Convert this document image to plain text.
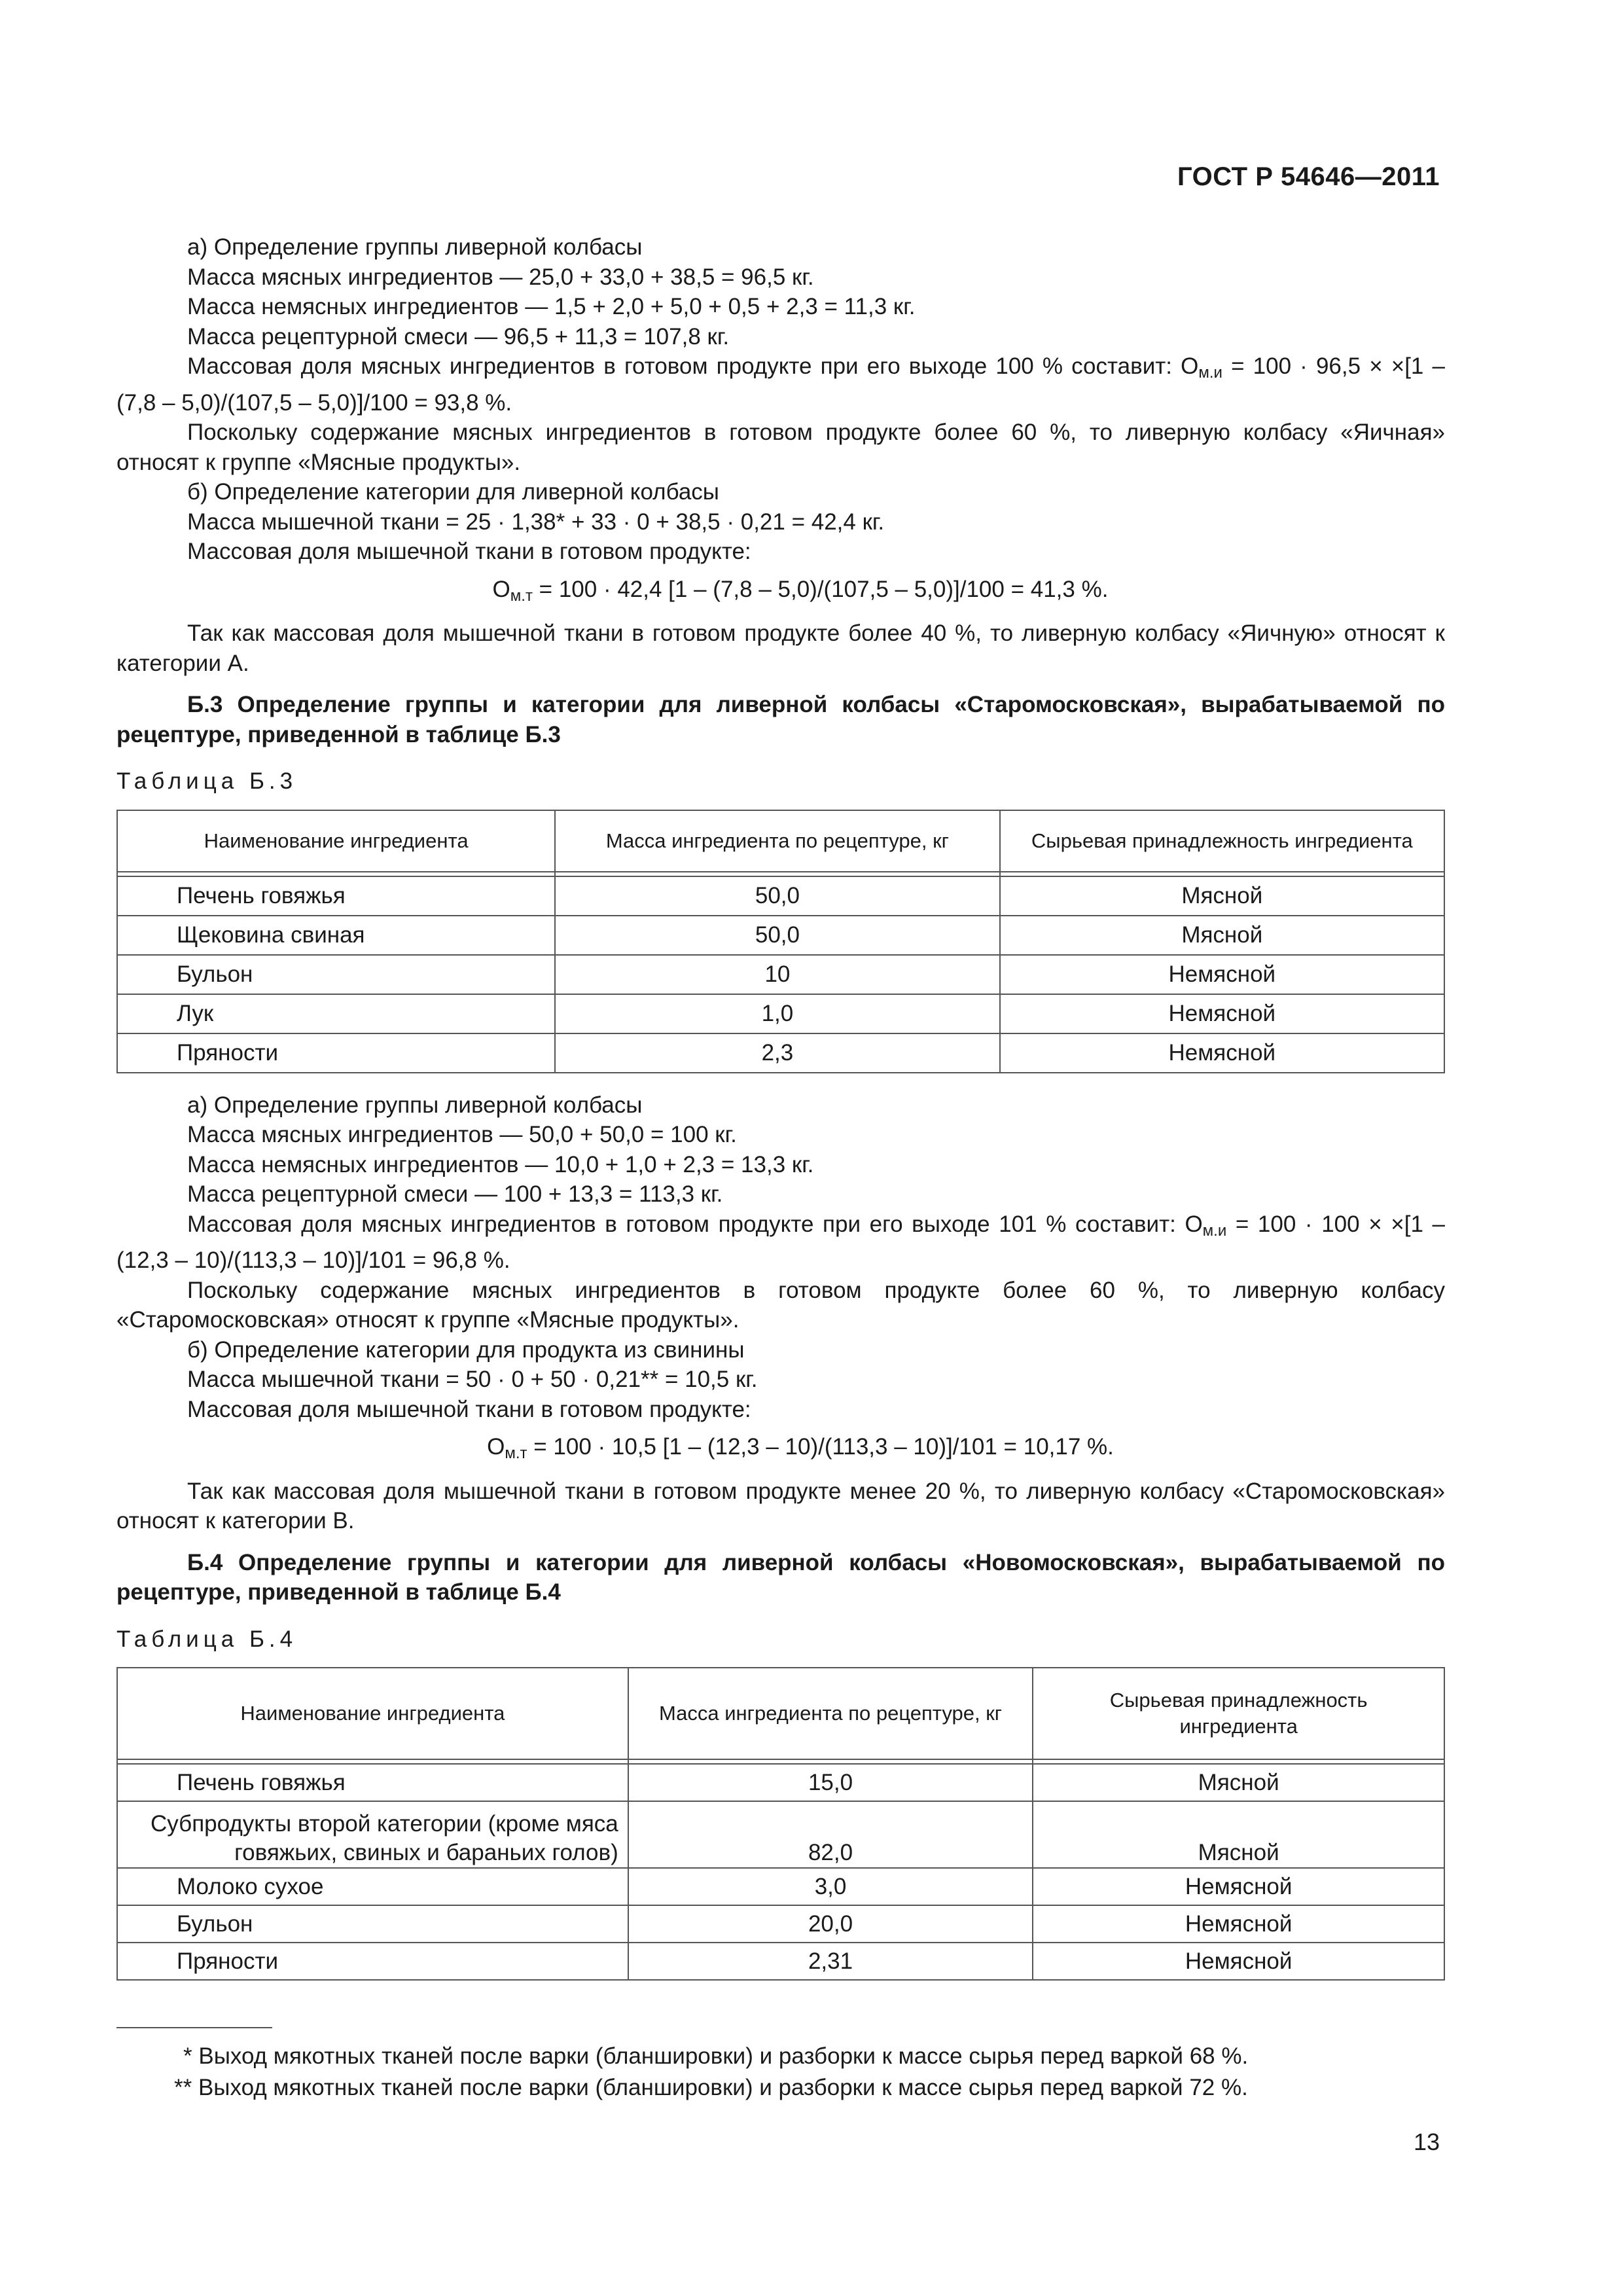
ГОСТ Р 54646—2011

а) Определение группы ливерной колбасы

Масса мясных ингредиентов — 25,0 + 33,0 + 38,5 = 96,5 кг.

Масса немясных ингредиентов — 1,5 + 2,0 + 5,0 + 0,5 + 2,3 = 11,3 кг.

Масса рецептурной смеси — 96,5 + 11,3 = 107,8 кг.

Массовая доля мясных ингредиентов в готовом продукте при его выходе 100 % составит: $О_{м.и} = 100 \cdot 96,5 \times \times[1 - (7,8 - 5,0)/(107,5 - 5,0)]/100 = 93,8$ %.

Поскольку содержание мясных ингредиентов в готовом продукте более 60 %, то ливерную колбасу «Яичная» относят к группе «Мясные продукты».

б) Определение категории для ливерной колбасы

Масса мышечной ткани = 25 · 1,38* + 33 · 0 + 38,5 · 0,21 = 42,4 кг.

Массовая доля мышечной ткани в готовом продукте:

$О_{м.т} = 100 \cdot 42,4$ [1 – (7,8 – 5,0)/(107,5 – 5,0)]/100 = 41,3 %.

Так как массовая доля мышечной ткани в готовом продукте более 40 %, то ливерную колбасу «Яичную» относят к категории А.

Б.3 Определение группы и категории для ливерной колбасы «Старомосковская», вырабатываемой по рецептуре, приведенной в таблице Б.3

Таблица Б.3

Наименование ингредиента	Масса ингредиента по рецептуре, кг	Сырьевая принадлежность ингредиента

Печень говяжья	50,0	Мясной
Щековина свиная	50,0	Мясной
Бульон	10	Немясной
Лук	1,0	Немясной
Пряности	2,3	Немясной

а) Определение группы ливерной колбасы

Масса мясных ингредиентов — 50,0 + 50,0 = 100 кг.

Масса немясных ингредиентов — 10,0 + 1,0 + 2,3 = 13,3 кг.

Масса рецептурной смеси — 100 + 13,3 = 113,3 кг.

Массовая доля мясных ингредиентов в готовом продукте при его выходе 101 % составит: $О_{м.и} = 100 \cdot 100 \times \times[1 - (12,3 - 10)/(113,3 - 10)]/101 = 96,8$ %.

Поскольку содержание мясных ингредиентов в готовом продукте более 60 %, то ливерную колбасу «Старомосковская» относят к группе «Мясные продукты».

б) Определение категории для продукта из свинины

Масса мышечной ткани = 50 · 0 + 50 · 0,21** = 10,5 кг.

Массовая доля мышечной ткани в готовом продукте:

$О_{м.т} = 100 \cdot 10,5$ [1 – (12,3 – 10)/(113,3 – 10)]/101 = 10,17 %.

Так как массовая доля мышечной ткани в готовом продукте менее 20 %, то ливерную колбасу «Старомосковская» относят к категории В.

Б.4 Определение группы и категории для ливерной колбасы «Новомосковская», вырабатываемой по рецептуре, приведенной в таблице Б.4

Таблица Б.4

Наименование ингредиента	Масса ингредиента по рецептуре, кг	Сырьевая принадлежность ингредиента

Печень говяжья	15,0	Мясной
Субпродукты второй категории (кроме мяса говяжьих, свиных и бараньих голов)	82,0	Мясной
Молоко сухое	3,0	Немясной
Бульон	20,0	Немясной
Пряности	2,31	Немясной

* Выход мякотных тканей после варки (бланшировки) и разборки к массе сырья перед варкой 68 %.

** Выход мякотных тканей после варки (бланшировки) и разборки к массе сырья перед варкой 72 %.

13
